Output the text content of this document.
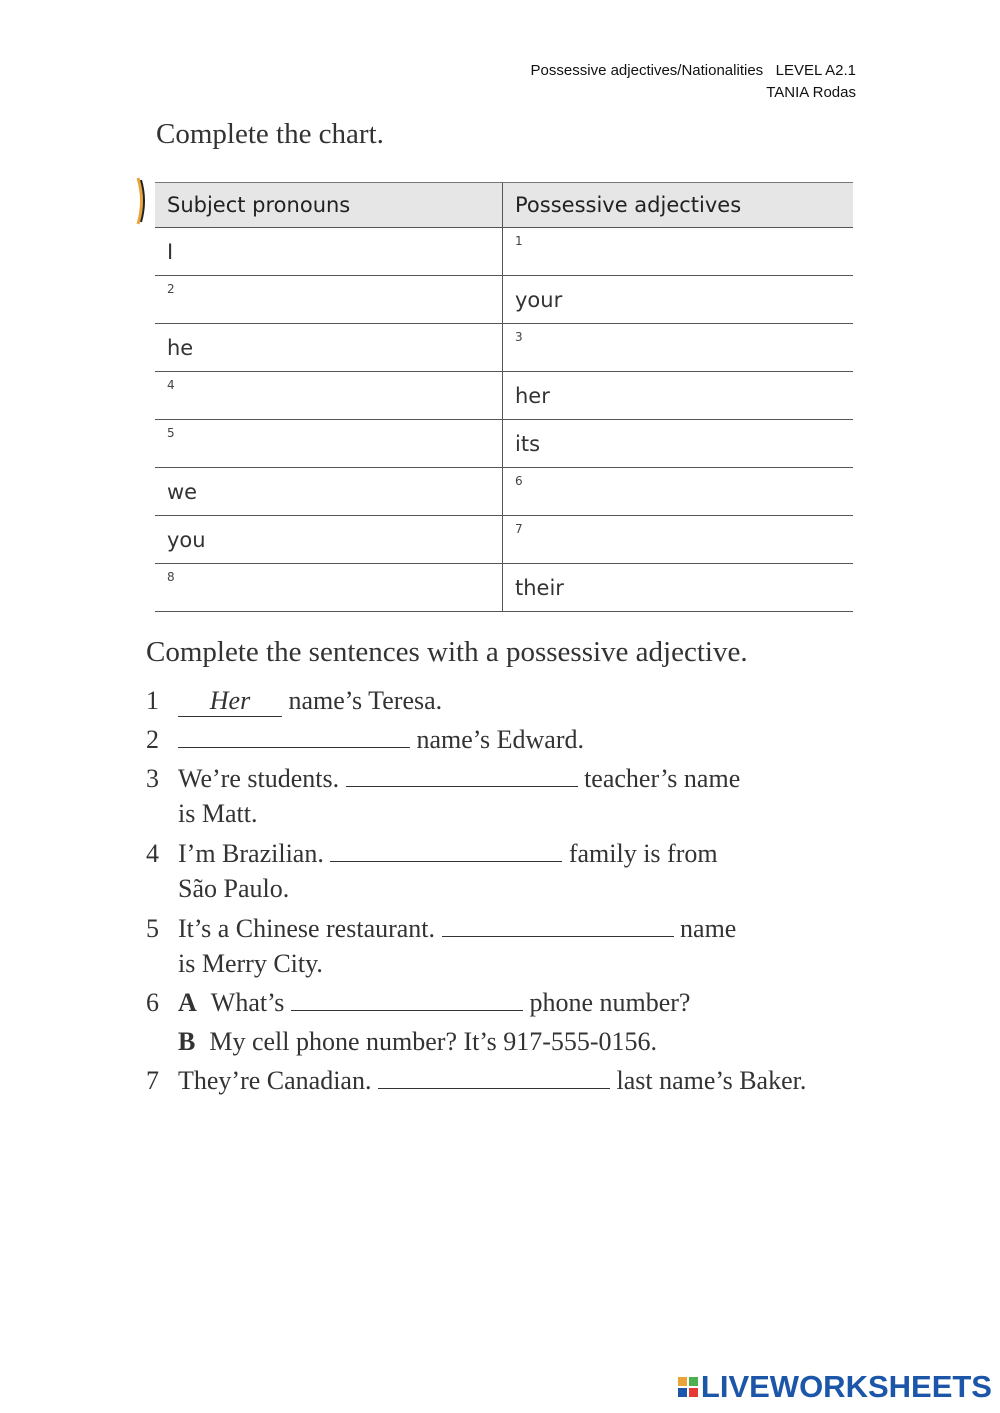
Possessive adjectives/Nationalities   LEVEL A2.1
TANIA Rodas
Complete the chart.
Subject pronouns	Possessive adjectives
I	1
2	your
he	3
4	her
5	its
we	6
you	7
8	their
Complete the sentences with a possessive adjective.
1	Her name’s Teresa.
2	name’s Edward.
3 We’re students.	teacher’s name
is Matt.
4 I’m Brazilian.	family is from
São Paulo.
5 It’s a Chinese restaurant.	name
is Merry City.
6 A What’s	phone number?
B My cell phone number? It’s 917-555-0156.
7 They’re Canadian.	last name’s Baker.
LIVEWORKSHEETS
